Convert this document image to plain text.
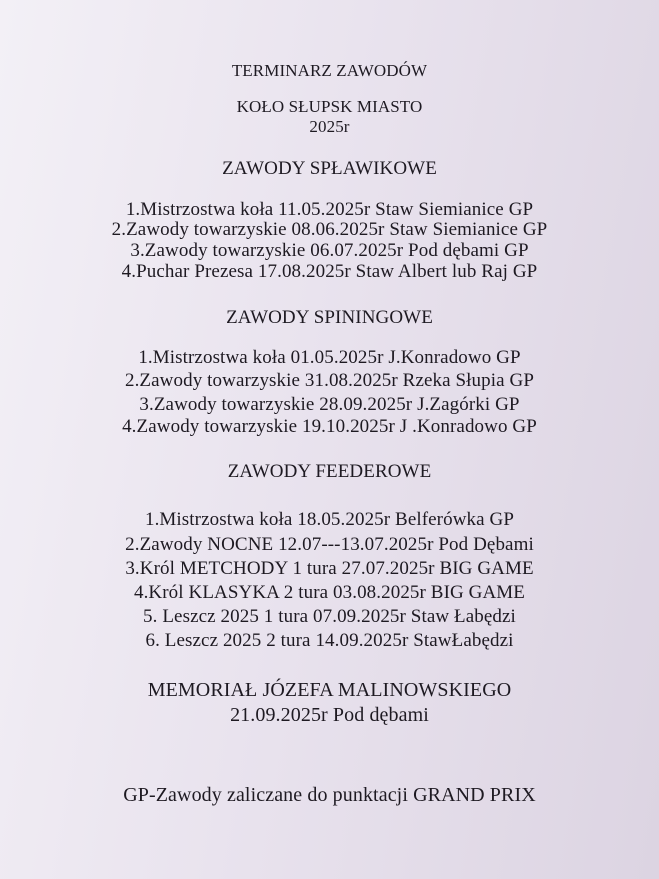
TERMINARZ ZAWODÓW
KOŁO SŁUPSK MIASTO
2025r
ZAWODY SPŁAWIKOWE
1.Mistrzostwa koła 11.05.2025r Staw Siemianice GP
2.Zawody towarzyskie 08.06.2025r Staw Siemianice GP
3.Zawody towarzyskie 06.07.2025r Pod dębami GP
4.Puchar Prezesa 17.08.2025r Staw Albert lub Raj GP
ZAWODY SPININGOWE
1.Mistrzostwa koła 01.05.2025r J.Konradowo GP
2.Zawody towarzyskie 31.08.2025r Rzeka Słupia GP
3.Zawody towarzyskie 28.09.2025r J.Zagórki GP
4.Zawody towarzyskie 19.10.2025r J .Konradowo GP
ZAWODY FEEDEROWE
1.Mistrzostwa koła 18.05.2025r Belferówka GP
2.Zawody NOCNE 12.07---13.07.2025r Pod Dębami
3.Król METCHODY 1 tura 27.07.2025r BIG GAME
4.Król KLASYKA 2 tura 03.08.2025r BIG GAME
5. Leszcz 2025 1 tura 07.09.2025r Staw Łabędzi
6. Leszcz 2025 2 tura 14.09.2025r StawŁabędzi
MEMORIAŁ JÓZEFA MALINOWSKIEGO
21.09.2025r Pod dębami
GP-Zawody zaliczane do punktacji GRAND PRIX
